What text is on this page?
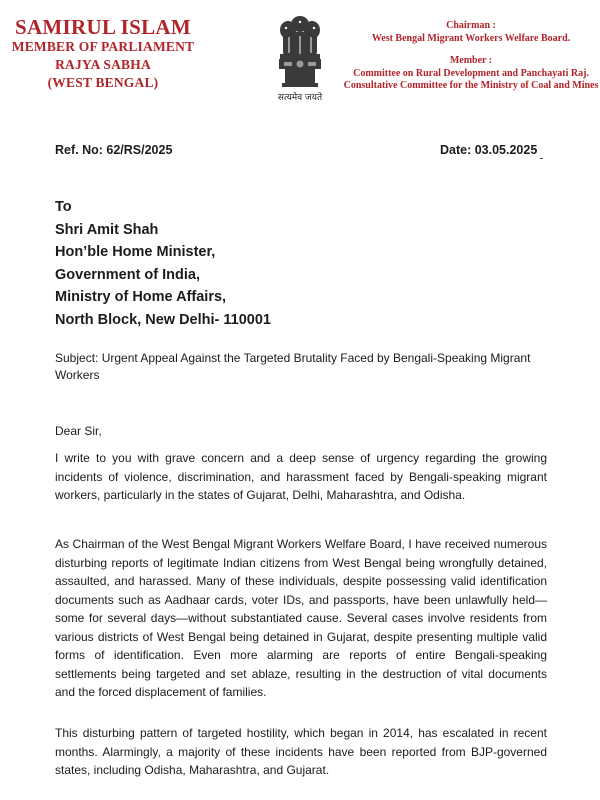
SAMIRUL ISLAM
MEMBER OF PARLIAMENT
RAJYA SABHA
(WEST BENGAL)
सत्यमेव जयते
Chairman :
West Bengal Migrant Workers Welfare Board.
Member :
Committee on Rural Development and Panchayati Raj.
Consultative Committee for the Ministry of Coal and Mines
Ref. No: 62/RS/2025	Date: 03.05.2025
To
Shri Amit Shah
Hon’ble Home Minister,
Government of India,
Ministry of Home Affairs,
North Block, New Delhi- 110001
Subject: Urgent Appeal Against the Targeted Brutality Faced by Bengali-Speaking Migrant Workers
Dear Sir,
I write to you with grave concern and a deep sense of urgency regarding the growing incidents of violence, discrimination, and harassment faced by Bengali-speaking migrant workers, particularly in the states of Gujarat, Delhi, Maharashtra, and Odisha.
As Chairman of the West Bengal Migrant Workers Welfare Board, I have received numerous disturbing reports of legitimate Indian citizens from West Bengal being wrongfully detained, assaulted, and harassed. Many of these individuals, despite possessing valid identification documents such as Aadhaar cards, voter IDs, and passports, have been unlawfully held—some for several days—without substantiated cause. Several cases involve residents from various districts of West Bengal being detained in Gujarat, despite presenting multiple valid forms of identification. Even more alarming are reports of entire Bengali-speaking settlements being targeted and set ablaze, resulting in the destruction of vital documents and the forced displacement of families.
This disturbing pattern of targeted hostility, which began in 2014, has escalated in recent months. Alarmingly, a majority of these incidents have been reported from BJP-governed states, including Odisha, Maharashtra, and Gujarat.
